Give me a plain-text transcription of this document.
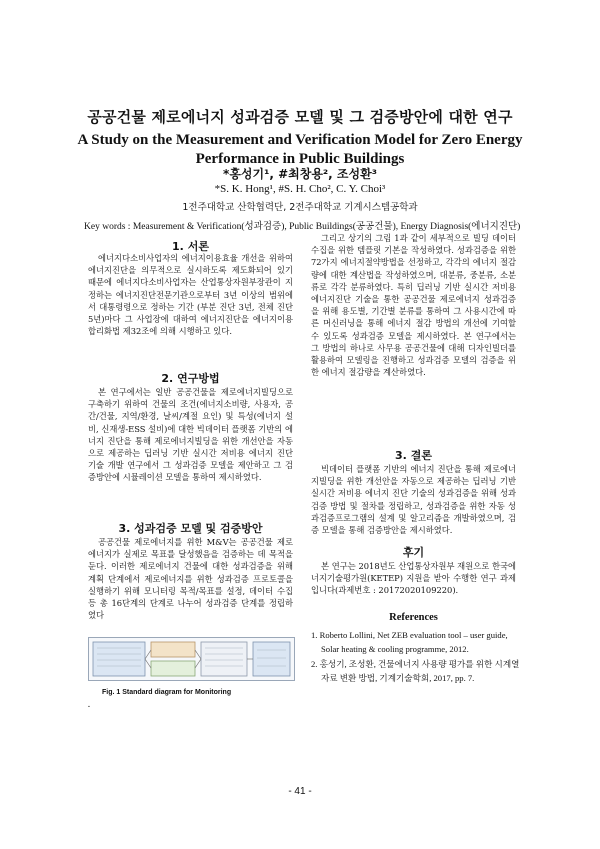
공공건물 제로에너지 성과검증 모델 및 그 검증방안에 대한 연구
A Study on the Measurement and Verification Model for Zero Energy Performance in Public Buildings
*홍성기¹, #최창용², 조성환³
*S. K. Hong¹, #S. H. Cho², C. Y. Choi³
1전주대학교 산학협력단, 2전주대학교 기계시스템공학과
Key words : Measurement & Verification(성과검증), Public Buildings(공공건물), Energy Diagnosis(에너지진단)
1. 서론
에너지다소비사업자의 에너지이용효율 개선을 위하여 에너지진단을 의무적으로 실시하도록 제도화되어 있기 때문에 에너지다소비사업자는 산업통상자원부장관이 지정하는 에너지진단전문기관으로부터 3년 이상의 범위에서 대통령령으로 정하는 기간 (부분 진단 3년, 전체 진단 5년)마다 그 사업장에 대하여 에너지진단을 에너지이용합리화법 제32조에 의해 시행하고 있다.
2. 연구방법
본 연구에서는 일반 공공건물을 제로에너지빌딩으로 구축하기 위하여 건물의 조건(에너지소비량, 사용자, 공간/건물, 지역/환경, 날씨/계절 요인) 및 특성(에너지 설비, 신재생-ESS 설비)에 대한 빅데이터 플랫폼 기반의 에너지 진단을 통해 제로에너지빌딩을 위한 개선안을 자동으로 제공하는 딥러닝 기반 실시간 저비용 에너지 진단 기술 개발 연구에서 그 성과검증 모델을 제안하고 그 검증방안에 시뮬레이션 모델을 통하여 제시하였다.
3. 성과검증 모델 및 검증방안
공공건물 제로에너지를 위한 M&V는 공공건물 제로에너지가 실제로 목표를 달성했음을 검증하는 데 목적을 둔다. 이러한 제로에너지 건물에 대한 성과검증을 위해 계획 단계에서 제로에너지를 위한 성과검증 프로토콜을 실행하기 위해 모니터링 목적/목표를 설정, 데이터 수집 등 총 16단계의 단계로 나누어 성과검증 단계를 정립하였다
Fig. 1 Standard diagram for Monitoring
.
그리고 상기의 그림 1과 같이 세부적으로 빌딩 데이터 수집을 위한 템플릿 기본을 작성하였다. 성과검증을 위한 72가지 에너지절약방법을 선정하고, 각각의 에너지 절감량에 대한 계산법을 작성하였으며, 대분류, 중분류, 소분류로 각각 분류하였다. 특히 딥러닝 기반 실시간 저비용 에너지진단 기술을 통한 공공건물 제로에너지 성과검증을 위해 용도별, 기간별 분류를 통하여 그 사용시간에 따른 머신러닝을 통해 에너지 절감 방법의 개선에 기여할 수 있도록 성과검증 모델을 제시하였다. 본 연구에서는 그 방법의 하나로 사무용 공공건물에 대해 디자인빌더를 활용하여 모델링을 진행하고 성과검증 모델의 검증을 위한 에너지 절감량을 계산하였다.
3. 결론
빅데이터 플랫폼 기반의 에너지 진단을 통해 제로에너지빌딩을 위한 개선안을 자동으로 제공하는 딥러닝 기반 실시간 저비용 에너지 진단 기술의 성과검증을 위해 성과검증 방법 및 절차를 정립하고, 성과검증을 위한 자동 성과검증프로그램의 설계 및 알고리즘을 개발하였으며, 검증 모델을 통해 검증방안을 제시하였다.
후기
본 연구는 2018년도 산업통상자원부 재원으로 한국에너지기술평가원(KETEP) 지원을 받아 수행한 연구 과제입니다(과제번호 : 20172020109220).
References
1. Roberto Lollini, Net ZEB evaluation tool – user guide, Solar heating & cooling programme, 2012.
2. 홍성기, 조성환, 건물에너지 사용량 평가를 위한 시계열 자료 변환 방법, 기계기술학회, 2017, pp. 7.
- 41 -
